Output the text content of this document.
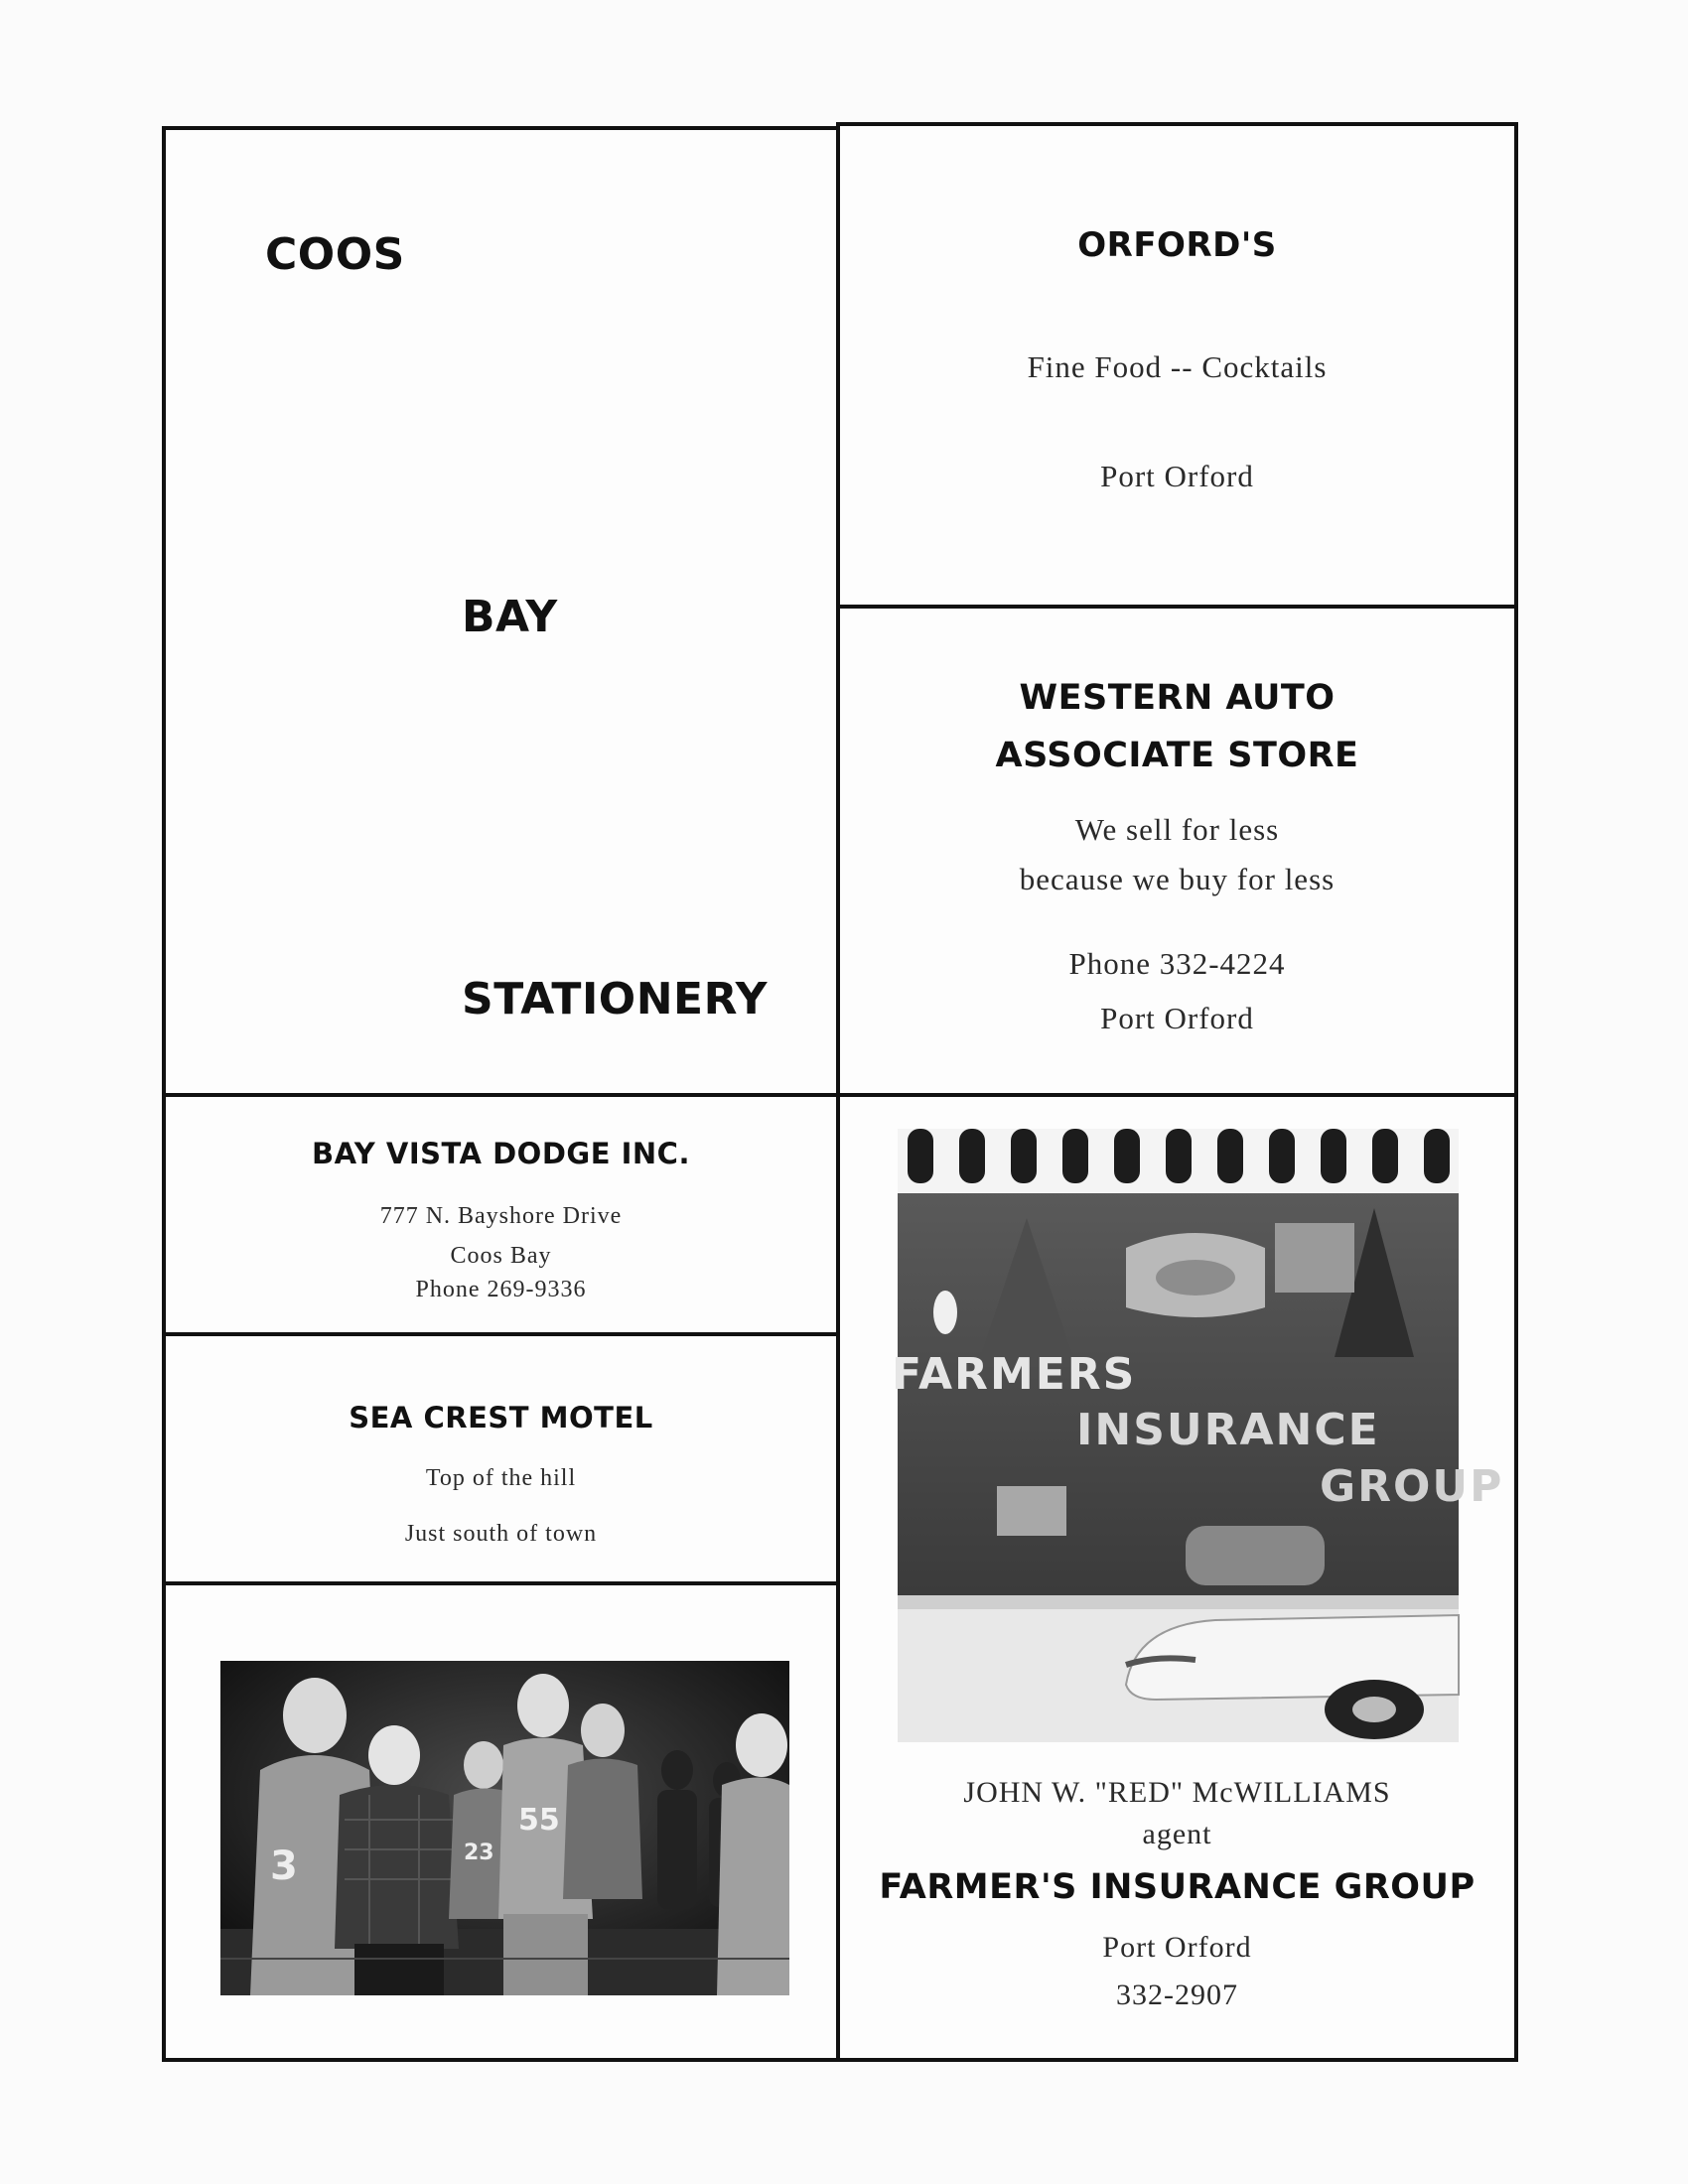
COOS
BAY
STATIONERY
ORFORD'S
Fine Food -- Cocktails
Port Orford
WESTERN AUTO
ASSOCIATE STORE
We sell for less
because we buy for less
Phone 332-4224
Port Orford
BAY VISTA DODGE INC.
777 N. Bayshore Drive
Coos Bay
Phone 269-9336
SEA CREST MOTEL
Top of the hill
Just south of town
3	23
55
FARMERS
INSURANCE
GROUP
JOHN W. "RED" McWILLIAMS
agent
FARMER'S INSURANCE GROUP
Port Orford
332-2907
